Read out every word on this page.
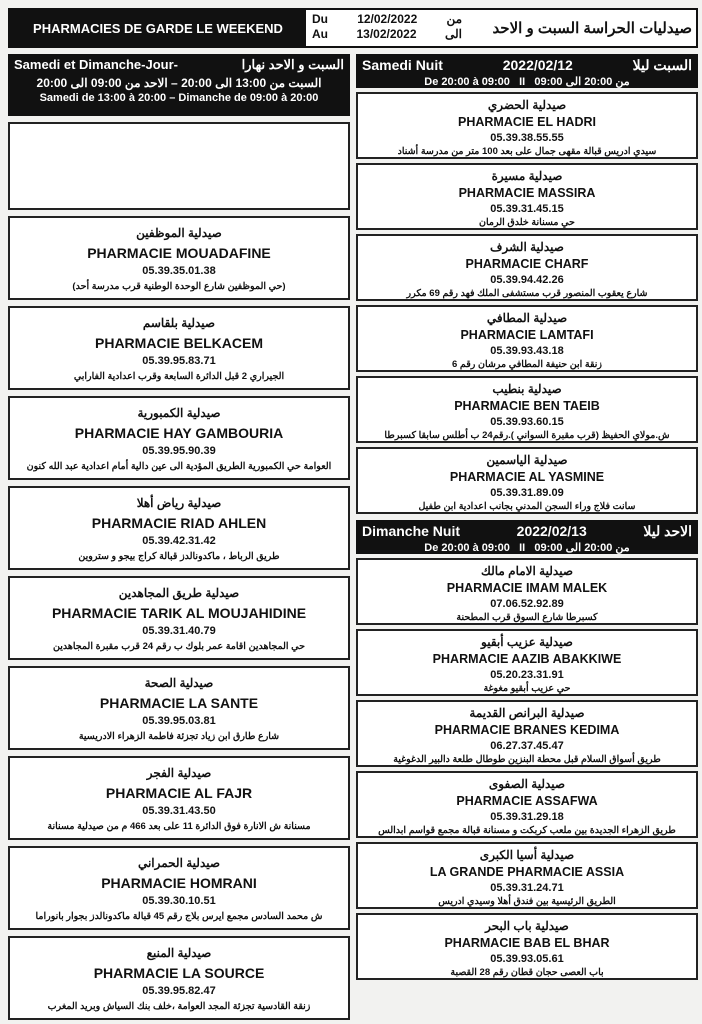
PHARMACIES DE GARDE LE WEEKEND
Du 12/02/2022 من
Au 13/02/2022 الى صيدليات الحراسة السبت و الاحد
Samedi et Dimanche-Jour-	السبت و الاحد نهارا
السبت من 13:00 الى 20:00 – الاحد من 09:00 الى 20:00
Samedi de 13:00 à 20:00 – Dimanche de 09:00 à 20:00
صيدلية الموظفين
PHARMACIE MOUADAFINE
05.39.35.01.38
(حي الموظفين شارع الوحدة الوطنية قرب مدرسة أحد)
صيدلية بلقاسم
PHARMACIE BELKACEM
05.39.95.83.71
الجيراري 2 قبل الدائرة السابعة وقرب اعدادية الفارابي
صيدلية الكمبورية
PHARMACIE HAY GAMBOURIA
05.39.95.90.39
العوامة حي الكمبورية الطريق المؤدية الى عين دالية أمام اعدادية عبد الله كنون
صيدلية رياض أهلا
PHARMACIE RIAD AHLEN
05.39.42.31.42
طريق الرباط ، ماكدونالدز قبالة كراج بيجو و ستروين
صيدلية طريق المجاهدين
PHARMACIE TARIK AL MOUJAHIDINE
05.39.31.40.79
حي المجاهدين اقامة عمر بلوك ب رقم 24 قرب مقبرة المجاهدين
صيدلية الصحة
PHARMACIE LA SANTE
05.39.95.03.81
شارع طارق ابن زياد تجزئة فاطمة الزهراء الادريسية
صيدلية الفجر
PHARMACIE AL FAJR
05.39.31.43.50
مسنانة ش الانارة فوق الدائرة 11 على بعد 466 م من صيدلية مسنانة
صيدلية الحمراني
PHARMACIE HOMRANI
05.39.30.10.51
ش محمد السادس مجمع ايرس بلاج رقم 45 قبالة ماكدونالدز بجوار بانوراما
صيدلية المنبع
PHARMACIE LA SOURCE
05.39.95.82.47
زنقة القادسية تجزئة المجد العوامة ،خلف بنك السياش وبريد المغرب
Samedi Nuit	2022/02/12	السبت ليلا
De 20:00 à 09:00 II من 20:00 الى 09:00
صيدلية الحضري
PHARMACIE EL HADRI
05.39.38.55.55
سيدي ادريس قبالة مقهى جمال على بعد 100 متر من مدرسة أشناد
صيدلية مسيرة
PHARMACIE MASSIRA
05.39.31.45.15
حي مسنانة خلدق الرمان
صيدلية الشرف
PHARMACIE CHARF
05.39.94.42.26
شارع يعقوب المنصور قرب مستشفى الملك فهد رقم 69 مكرر
صيدلية المطافي
PHARMACIE LAMTAFI
05.39.93.43.18
زنقة ابن حنيفة المطافي مرشان رقم 6
صيدلية بنطيب
PHARMACIE BEN TAEIB
05.39.93.60.15
ش.مولاي الحفيظ (قرب مقبرة السواني ).رقم24 ب أطلس سابقا كسبرطا
صيدلية الياسمين
PHARMACIE AL YASMINE
05.39.31.89.09
سانت فلاج وراء السجن المدني بجانب اعدادية ابن طفيل
Dimanche Nuit	2022/02/13	الاحد ليلا
De 20:00 à 09:00 II من 20:00 الى 09:00
صيدلية الامام مالك
PHARMACIE IMAM MALEK
07.06.52.92.89
كسبرطا شارع السوق قرب المطحنة
صيدلية عزيب أبقيو
PHARMACIE AAZIB ABAKKIWE
05.20.23.31.91
حي عزيب أبقيو مغوغة
صيدلية البرانص القديمة
PHARMACIE BRANES KEDIMA
06.27.37.45.47
طريق أسواق السلام قبل محطة البنزين طوطال طلعة دالبير الدغوغية
صيدلية الصفوى
PHARMACIE ASSAFWA
05.39.31.29.18
طريق الزهراء الجديدة بين ملعب كربكت و مسنانة قبالة مجمع قواسم ابدالس
صيدلية أسيا الكبرى
LA GRANDE PHARMACIE ASSIA
05.39.31.24.71
الطريق الرئيسية بين فندق أهلا وسيدي ادريس
صيدلية باب البحر
PHARMACIE BAB EL BHAR
05.39.93.05.61
باب العصى حجان قطان رقم 28 القصبة
